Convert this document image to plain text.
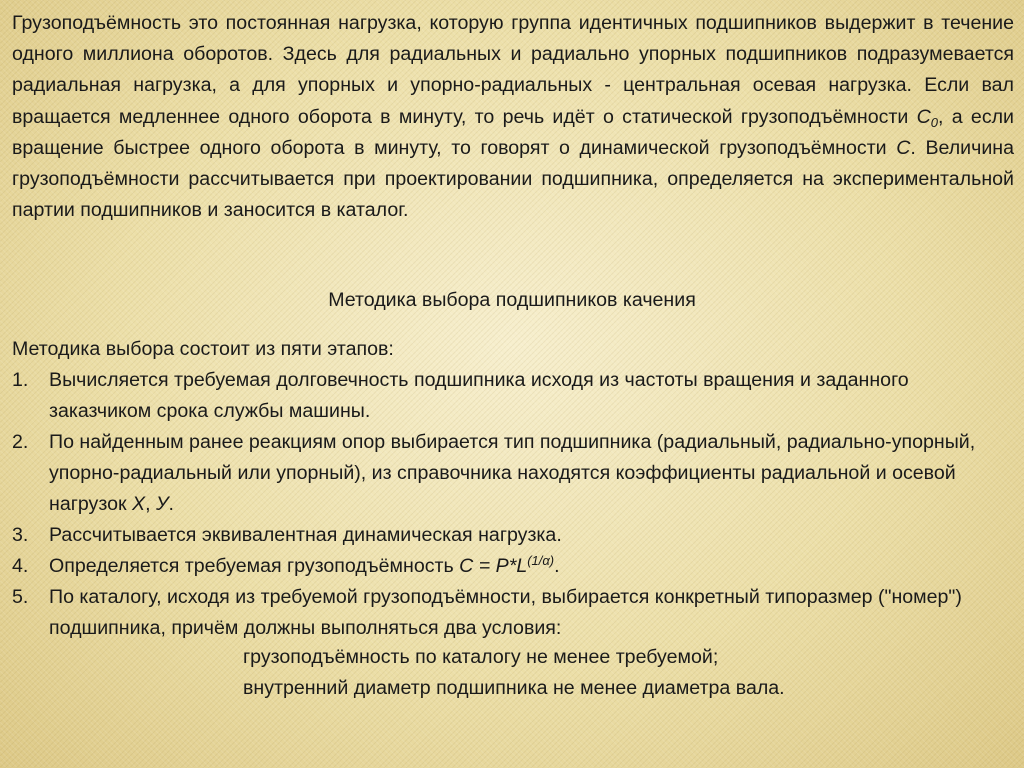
Грузоподъёмность это постоянная нагрузка, которую группа идентичных подшипников выдержит в течение одного миллиона оборотов. Здесь для радиальных и радиально упорных подшипников подразумевается радиальная нагрузка, а для упорных и упорно-радиальных - центральная осевая нагрузка. Если вал вращается медленнее одного оборота в минуту, то речь идёт о статической грузоподъёмности $C_0$, а если вращение быстрее одного оборота в минуту, то говорят о динамической грузоподъёмности C. Величина грузоподъёмности рассчитывается при проектировании подшипника, определяется на экспериментальной партии подшипников и заносится в каталог.

Методика выбора подшипников качения

Методика выбора состоит из пяти этапов:

1. Вычисляется требуемая долговечность подшипника исходя из частоты вращения и заданного заказчиком срока службы машины.
2. По найденным ранее реакциям опор выбирается тип подшипника (радиальный, радиально-упорный, упорно-радиальный или упорный), из справочника находятся коэффициенты радиальной и осевой нагрузок X, У.
3. Рассчитывается эквивалентная динамическая нагрузка.
4. Определяется требуемая грузоподъёмность $C = P*L^{(1/\alpha)}$.
5. По каталогу, исходя из требуемой грузоподъёмности, выбирается конкретный типоразмер ("номер") подшипника, причём должны выполняться два условия:

грузоподъёмность по каталогу не менее требуемой;

внутренний диаметр подшипника не менее диаметра вала.
